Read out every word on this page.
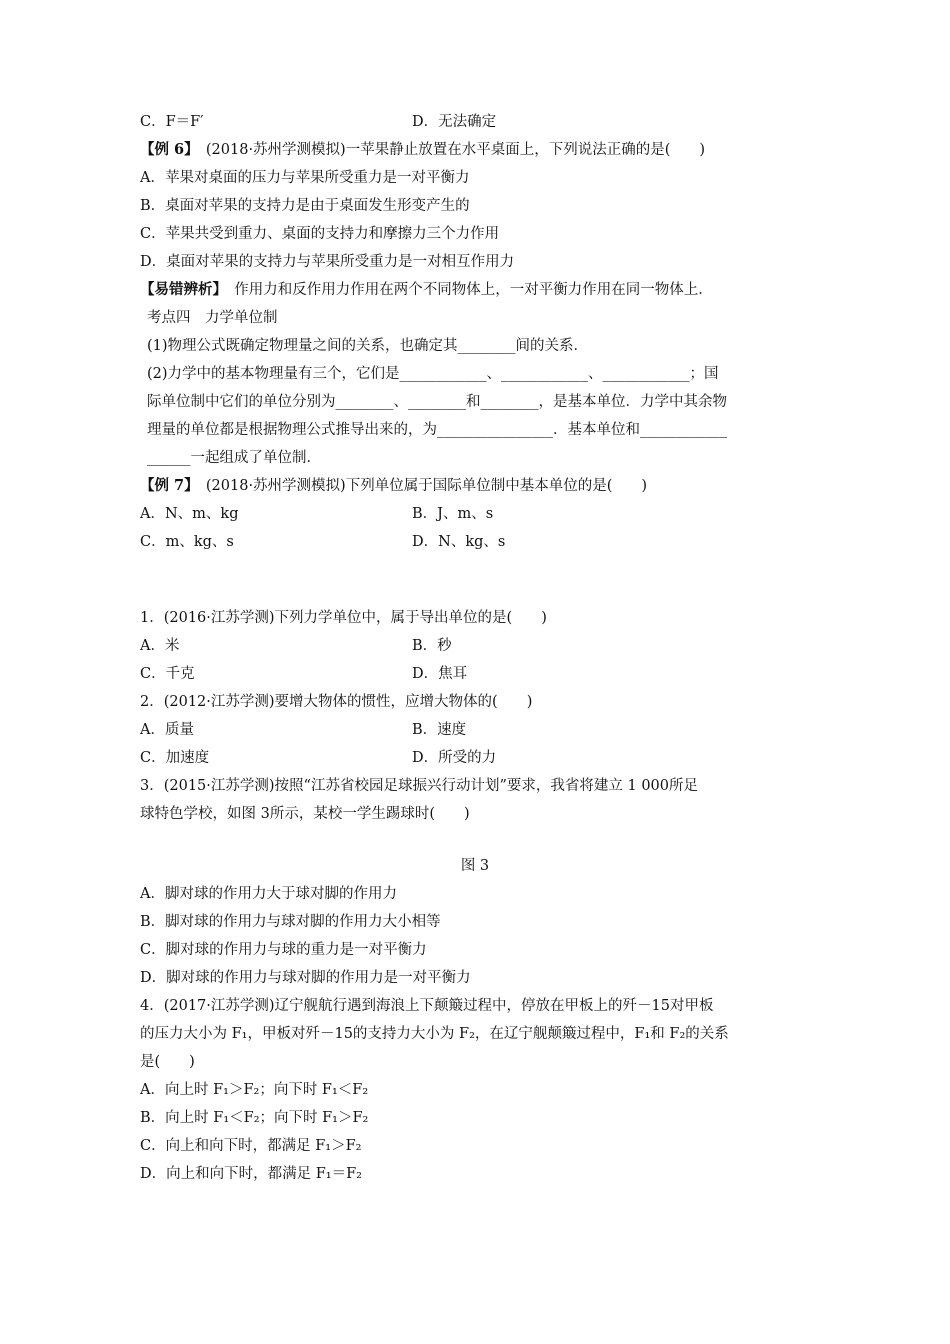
C．F＝F′	D．无法确定
【例 6】　(2018·苏州学测模拟)一苹果静止放置在水平桌面上，下列说法正确的是(　　)
A．苹果对桌面的压力与苹果所受重力是一对平衡力
B．桌面对苹果的支持力是由于桌面发生形变产生的
C．苹果共受到重力、桌面的支持力和摩擦力三个力作用
D．桌面对苹果的支持力与苹果所受重力是一对相互作用力
【易错辨析】　作用力和反作用力作用在两个不同物体上，一对平衡力作用在同一物体上．
考点四　力学单位制
(1)物理公式既确定物理量之间的关系，也确定其________间的关系．
(2)力学中的基本物理量有三个，它们是____________、____________、____________；国
际单位制中它们的单位分别为________、________和________，是基本单位．力学中其余物
理量的单位都是根据物理公式推导出来的，为________________．基本单位和____________
______一起组成了单位制．
【例 7】　(2018·苏州学测模拟)下列单位属于国际单位制中基本单位的是(　　)
A．N、m、kg	B．J、m、s
C．m、kg、s	D．N、kg、s
1．(2016·江苏学测)下列力学单位中，属于导出单位的是(　　)
A．米	B．秒
C．千克	D．焦耳
2．(2012·江苏学测)要增大物体的惯性，应增大物体的(　　)
A．质量	B．速度
C．加速度	D．所受的力
3．(2015·江苏学测)按照“江苏省校园足球振兴行动计划”要求，我省将建立 1 000所足
球特色学校，如图 3所示，某校一学生踢球时(　　)
图 3
A．脚对球的作用力大于球对脚的作用力
B．脚对球的作用力与球对脚的作用力大小相等
C．脚对球的作用力与球的重力是一对平衡力
D．脚对球的作用力与球对脚的作用力是一对平衡力
4．(2017·江苏学测)辽宁舰航行遇到海浪上下颠簸过程中，停放在甲板上的歼－15对甲板
的压力大小为 F₁，甲板对歼－15的支持力大小为 F₂，在辽宁舰颠簸过程中，F₁和 F₂的关系
是(　　)
A．向上时 F₁＞F₂；向下时 F₁＜F₂
B．向上时 F₁＜F₂；向下时 F₁＞F₂
C．向上和向下时，都满足 F₁＞F₂
D．向上和向下时，都满足 F₁＝F₂
